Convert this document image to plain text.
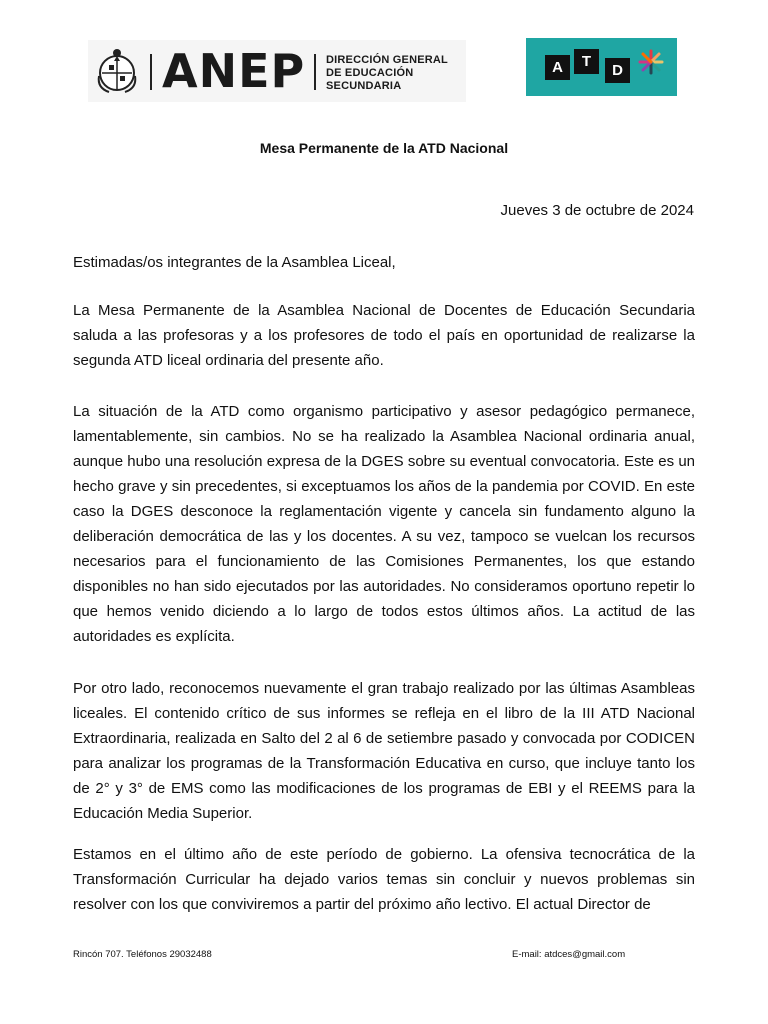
ANEP DIRECCIÓN GENERAL
DE EDUCACIÓN
SECUNDARIA
A	T
D
Mesa Permanente de la ATD Nacional
Jueves 3 de octubre de 2024
Estimadas/os integrantes de la Asamblea Liceal,
La Mesa Permanente de la Asamblea Nacional de Docentes de Educación Secundaria saluda a las profesoras y a los profesores de todo el país en oportunidad de realizarse la segunda ATD liceal ordinaria del presente año.
La situación de la ATD como organismo participativo y asesor pedagógico permanece, lamentablemente, sin cambios. No se ha realizado la Asamblea Nacional ordinaria anual, aunque hubo una resolución expresa de la DGES sobre su eventual convocatoria. Este es un hecho grave y sin precedentes, si exceptuamos los años de la pandemia por COVID. En este caso la DGES desconoce la reglamentación vigente y cancela sin fundamento alguno la deliberación democrática de las y los docentes. A su vez, tampoco se vuelcan los recursos necesarios para el funcionamiento de las Comisiones Permanentes, los que estando disponibles no han sido ejecutados por las autoridades. No consideramos oportuno repetir lo que hemos venido diciendo a lo largo de todos estos últimos años. La actitud de las autoridades es explícita.
Por otro lado, reconocemos nuevamente el gran trabajo realizado por las últimas Asambleas liceales. El contenido crítico de sus informes se refleja en el libro de la III ATD Nacional Extraordinaria, realizada en Salto del 2 al 6 de setiembre pasado y convocada por CODICEN para analizar los programas de la Transformación Educativa en curso, que incluye tanto los de 2° y 3° de EMS como las modificaciones de los programas de EBI y el REEMS para la Educación Media Superior.
Estamos en el último año de este período de gobierno. La ofensiva tecnocrática de la Transformación Curricular ha dejado varios temas sin concluir y nuevos problemas sin resolver con los que conviviremos a partir del próximo año lectivo. El actual Director de
Rincón 707. Teléfonos 29032488	E-mail: atdces@gmail.com
